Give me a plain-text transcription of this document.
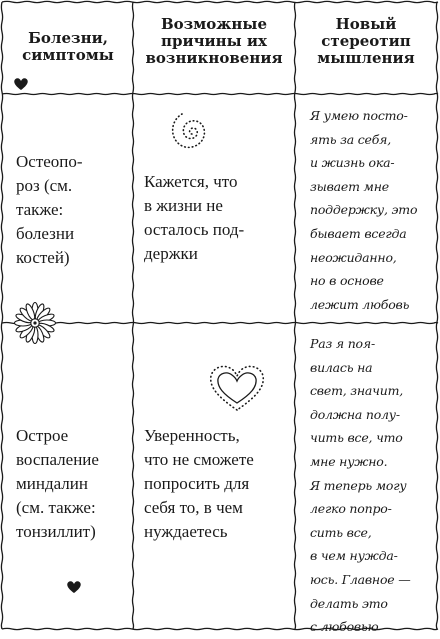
Болезни,
симптомы
Возможные
причины их
возникновения
Новый
стереотип
мышления
Остеопо-
роз (см.
также:
болезни
костей)
Кажется, что
в жизни не
осталось под-
держки
Я умею посто-
ять за себя,
и жизнь ока-
зывает мне
поддержку, это
бывает всегда
неожиданно,
но в основе
лежит любовь
Острое
воспаление
миндалин
(см. также:
тонзиллит)
Уверенность,
что не сможете
попросить для
себя то, в чем
нуждаетесь
Раз я поя-
вилась на
свет, значит,
должна полу-
чить все, что
мне нужно.
Я теперь могу
легко попро-
сить все,
в чем нужда-
юсь. Главное —
делать это
с любовью
